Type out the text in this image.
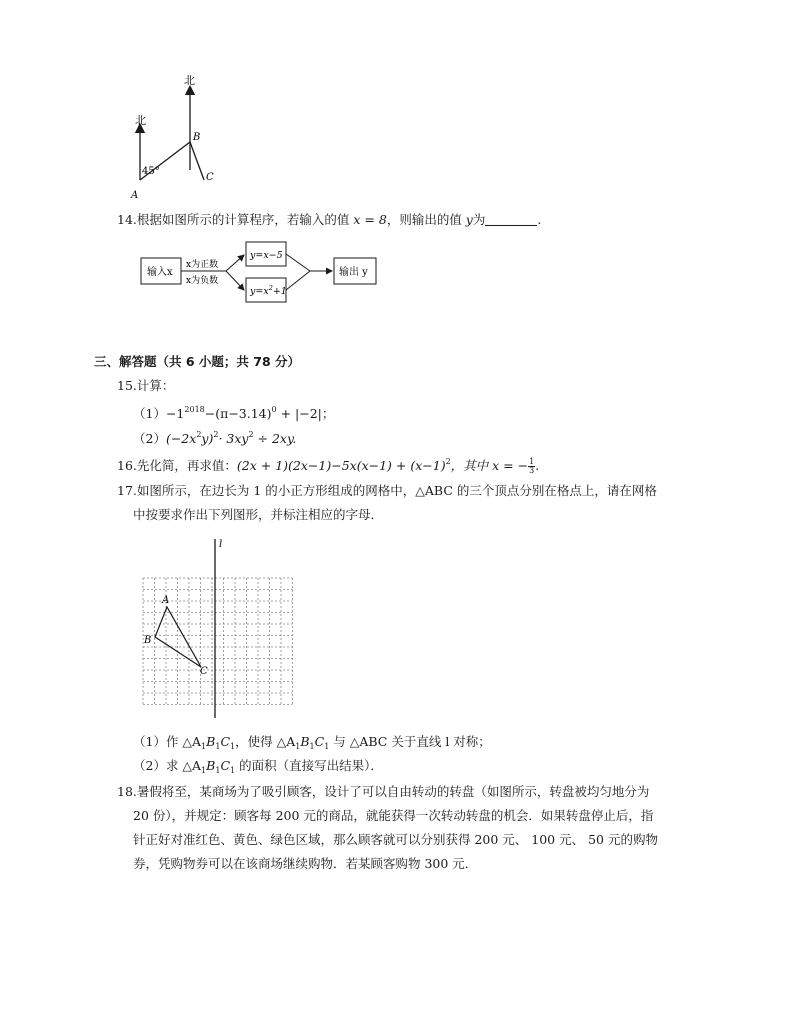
北
北
45°
A
B
C
14.根据如图所示的计算程序，若输入的值 x = 8，则输出的值 y为	.
输入x
x为正数
x为负数
y=x−5
$y=x^2+1$
输出 y
三、解答题（共 6 小题；共 78 分）
15.计算：
$(1)-1^{2018}-(\pi-3.14)^0 + |-2|$；
$(2)(-2x^2y)^2\cdot 3xy^2 \div 2xy$.
16.先化简，再求值：$(2x + 1)(2x-1)-5x(x-1) + (x-1)^2$，其中 x = − $\frac{1}{3}$ .
17.如图所示，在边长为 1 的小正方形组成的网格中，△ABC 的三个顶点分别在格点上，请在网格
中按要求作出下列图形，并标注相应的字母．
l
A
B
C
（1）作 $\triangle A_1B_1C_1$，使得 $\triangle A_1B_1C_1$ 与 △ABC 关于直线 l 对称；
（2）求 $\triangle A_1B_1C_1$ 的面积（直接写出结果）．
18.暑假将至，某商场为了吸引顾客，设计了可以自由转动的转盘（如图所示，转盘被均匀地分为
20 份），并规定：顾客每 200 元的商品，就能获得一次转动转盘的机会．如果转盘停止后，指
针正好对准红色、黄色、绿色区域，那么顾客就可以分别获得 200 元、 100 元、 50 元的购物
券，凭购物券可以在该商场继续购物．若某顾客购物 300 元．
